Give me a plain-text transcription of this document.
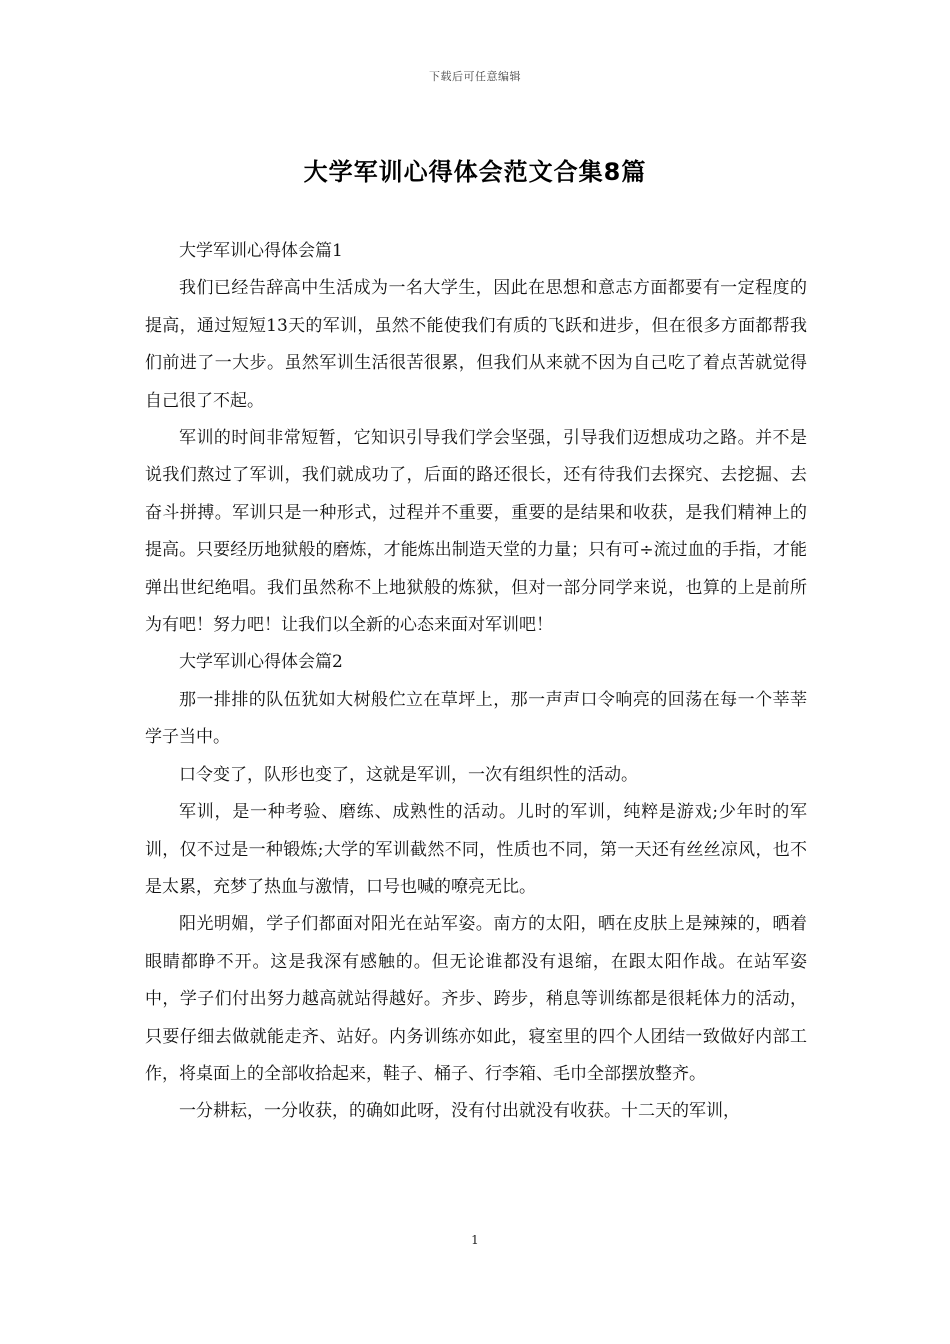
下载后可任意编辑
大学军训心得体会范文合集8篇

大学军训心得体会篇1

我们已经告辞高中生活成为一名大学生，因此在思想和意志方面都要有一定程度的提高，通过短短13天的军训，虽然不能使我们有质的飞跃和进步，但在很多方面都帮我们前进了一大步。虽然军训生活很苦很累，但我们从来就不因为自己吃了着点苦就觉得自己很了不起。

军训的时间非常短暂，它知识引导我们学会坚强，引导我们迈想成功之路。并不是说我们熬过了军训，我们就成功了，后面的路还很长，还有待我们去探究、去挖掘、去奋斗拼搏。军训只是一种形式，过程并不重要，重要的是结果和收获，是我们精神上的提高。只要经历地狱般的磨炼，才能炼出制造天堂的力量；只有可÷流过血的手指，才能弹出世纪绝唱。我们虽然称不上地狱般的炼狱，但对一部分同学来说，也算的上是前所为有吧！努力吧！让我们以全新的心态来面对军训吧！

大学军训心得体会篇2

那一排排的队伍犹如大树般伫立在草坪上，那一声声口令响亮的回荡在每一个莘莘学子当中。

口令变了，队形也变了，这就是军训，一次有组织性的活动。

军训，是一种考验、磨练、成熟性的活动。儿时的军训，纯粹是游戏;少年时的军训，仅不过是一种锻炼;大学的军训截然不同，性质也不同，第一天还有丝丝凉风，也不是太累，充梦了热血与激情，口号也喊的嘹亮无比。

阳光明媚，学子们都面对阳光在站军姿。南方的太阳，晒在皮肤上是辣辣的，晒着眼睛都睁不开。这是我深有感触的。但无论谁都没有退缩，在跟太阳作战。在站军姿中，学子们付出努力越高就站得越好。齐步、跨步，稍息等训练都是很耗体力的活动，只要仔细去做就能走齐、站好。内务训练亦如此，寝室里的四个人团结一致做好内部工作，将桌面上的全部收拾起来，鞋子、桶子、行李箱、毛巾全部摆放整齐。

一分耕耘，一分收获，的确如此呀，没有付出就没有收获。十二天的军训，

1
